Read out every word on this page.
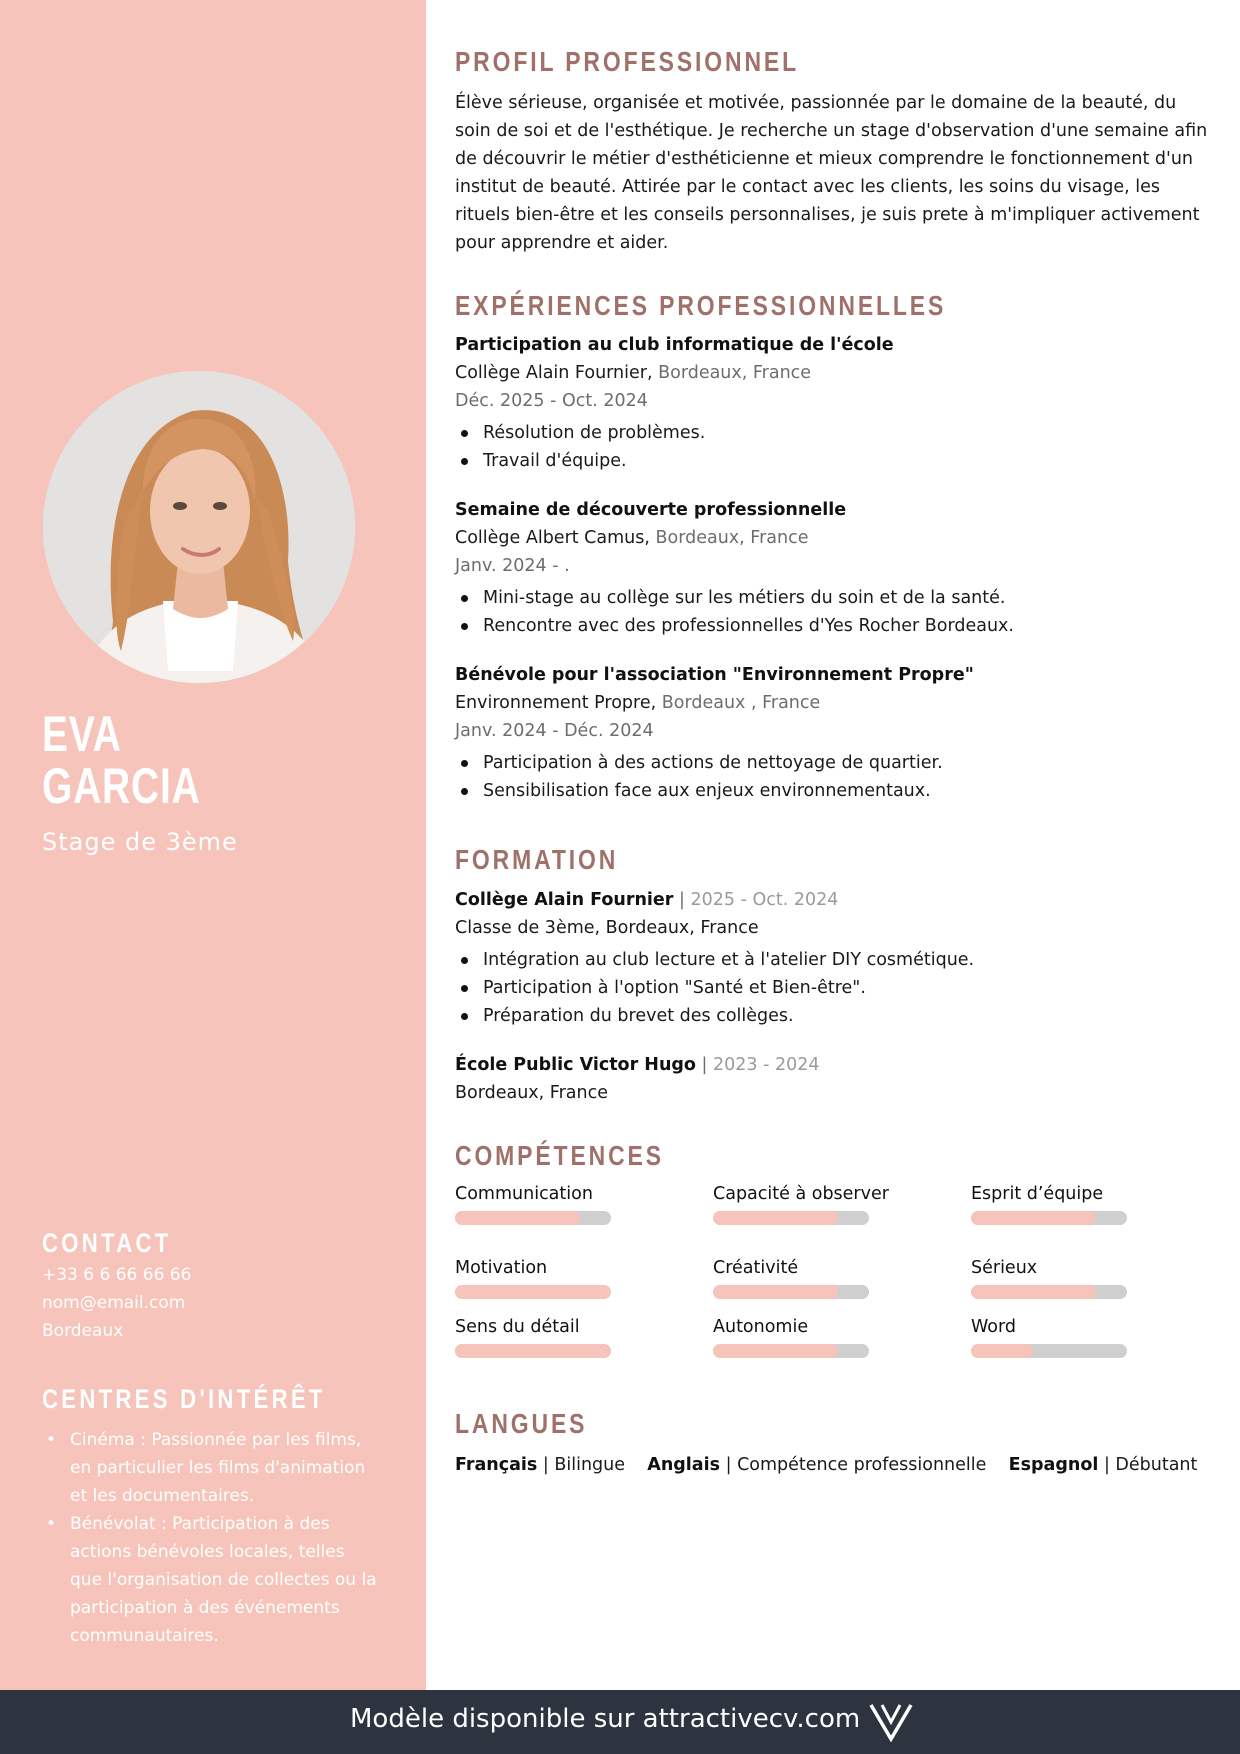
EVA
GARCIA
Stage de 3ème
CONTACT
+33 6 6 66 66 66
nom@email.com
Bordeaux
CENTRES D'INTÉRÊT
• Cinéma : Passionnée par les films, en particulier les films d'animation et les documentaires.
• Bénévolat : Participation à des actions bénévoles locales, telles que l'organisation de collectes ou la participation à des événements communautaires.
PROFIL PROFESSIONNEL
Élève sérieuse, organisée et motivée, passionnée par le domaine de la beauté, du soin de soi et de l'esthétique. Je recherche un stage d'observation d'une semaine afin de découvrir le métier d'esthéticienne et mieux comprendre le fonctionnement d'un institut de beauté. Attirée par le contact avec les clients, les soins du visage, les rituels bien-être et les conseils personnalises, je suis prete à m'impliquer activement pour apprendre et aider.
EXPÉRIENCES PROFESSIONNELLES
Participation au club informatique de l'école
Collège Alain Fournier, Bordeaux, France
Déc. 2025 - Oct. 2024
Résolution de problèmes.
Travail d'équipe.
Semaine de découverte professionnelle
Collège Albert Camus, Bordeaux, France
Janv. 2024 - .
Mini-stage au collège sur les métiers du soin et de la santé.
Rencontre avec des professionnelles d'Yes Rocher Bordeaux.
Bénévole pour l'association "Environnement Propre"
Environnement Propre, Bordeaux , France
Janv. 2024 - Déc. 2024
Participation à des actions de nettoyage de quartier.
Sensibilisation face aux enjeux environnementaux.
FORMATION
Collège Alain Fournier | 2025 - Oct. 2024
Classe de 3ème, Bordeaux, France
Intégration au club lecture et à l'atelier DIY cosmétique.
Participation à l'option "Santé et Bien-être".
Préparation du brevet des collèges.
École Public Victor Hugo | 2023 - 2024
Bordeaux, France
COMPÉTENCES
Communication	Capacité à observer	Esprit d’équipe
Motivation	Créativité	Sérieux
Sens du détail	Autonomie	Word
LANGUES
Français | Bilingue Anglais | Compétence professionnelle Espagnol | Débutant
Modèle disponible sur attractivecv.com
